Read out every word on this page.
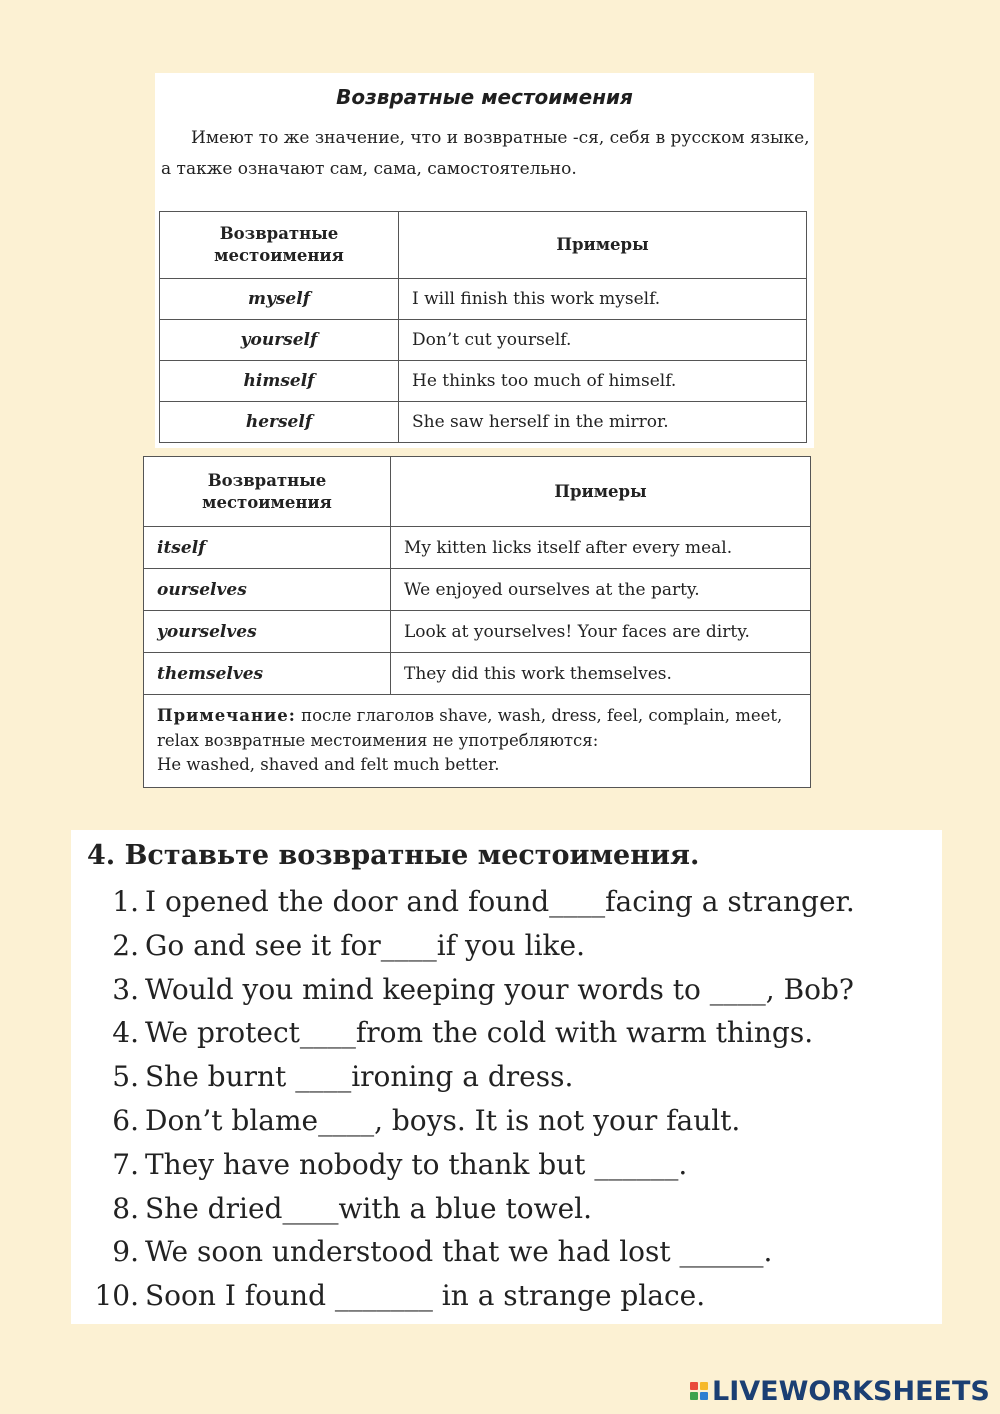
Возвратные местоимения
Имеют то же значение, что и возвратные -ся, себя в русском языке, а также означают сам, сама, самостоятельно.
Возвратные местоимения	Примеры
myself	I will finish this work myself.
yourself	Don’t cut yourself.
himself	He thinks too much of himself.
herself	She saw herself in the mirror.
Возвратные местоимения	Примеры
itself	My kitten licks itself after every meal.
ourselves	We enjoyed ourselves at the party.
yourselves	Look at yourselves! Your faces are dirty.
themselves	They did this work themselves.
Примечание: после глаголов shave, wash, dress, feel, complain, meet, relax возвратные местоимения не употребляются:
He washed, shaved and felt much better.	
4. Вставьте возвратные местоимения.
1. I opened the door and found____facing a stranger.
2. Go and see it for____if you like.
3. Would you mind keeping your words to ____, Bob?
4. We protect____from the cold with warm things.
5. She burnt ____ironing a dress.
6. Don’t blame____, boys. It is not your fault.
7. They have nobody to thank but ______.
8. She dried____with a blue towel.
9. We soon understood that we had lost ______.
10. Soon I found _______ in a strange place.
LIVEWORKSHEETS
